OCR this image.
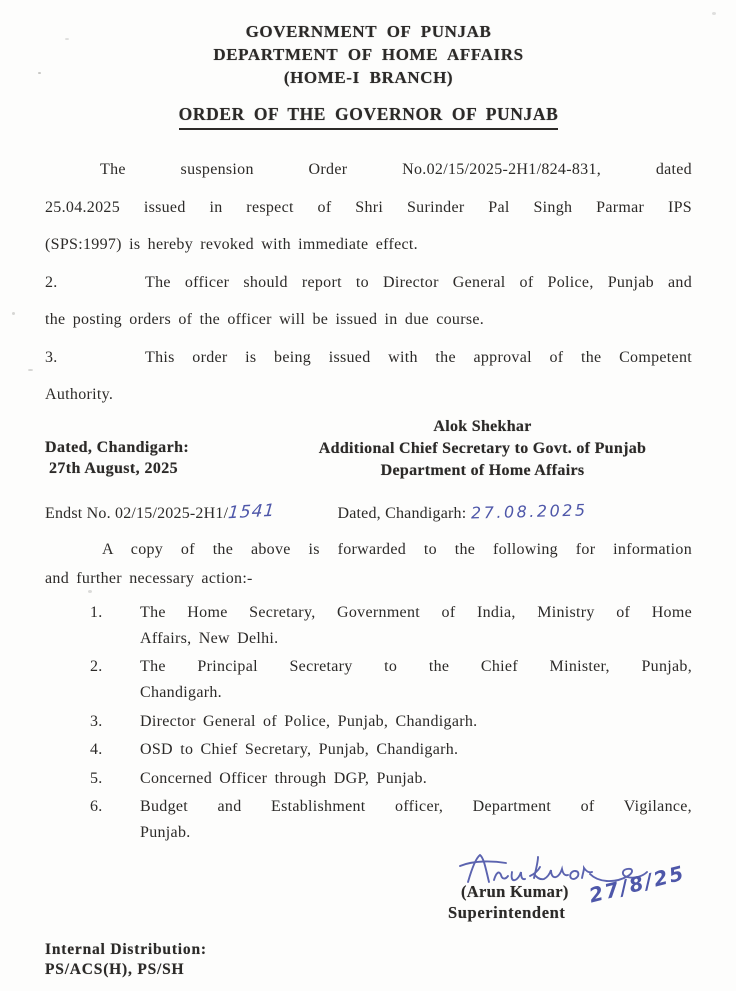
GOVERNMENT OF PUNJAB
DEPARTMENT OF HOME AFFAIRS
(HOME-I BRANCH)
ORDER OF THE GOVERNOR OF PUNJAB
The suspension Order No.02/15/2025-2H1/824-831, dated
25.04.2025 issued in respect of Shri Surinder Pal Singh Parmar IPS
(SPS:1997) is hereby revoked with immediate effect.
2.	The officer should report to Director General of Police, Punjab and
the posting orders of the officer will be issued in due course.
3.	This order is being issued with the approval of the Competent
Authority.
Dated, Chandigarh:
27th August, 2025
Alok Shekhar
Additional Chief Secretary to Govt. of Punjab
Department of Home Affairs
Endst No. 02/15/2025-2H1/1541	Dated, Chandigarh: 27.08.2025
A copy of the above is forwarded to the following for information
and further necessary action:-
1.	The Home Secretary, Government of India, Ministry of Home
Affairs, New Delhi.
2.	The Principal Secretary to the Chief Minister, Punjab,
Chandigarh.
3.	Director General of Police, Punjab, Chandigarh.
4.	OSD to Chief Secretary, Punjab, Chandigarh.
5.	Concerned Officer through DGP, Punjab.
6.	Budget and Establishment officer, Department of Vigilance,
Punjab.
(Arun Kumar) 27/8/25
Superintendent
Internal Distribution:
PS/ACS(H), PS/SH
